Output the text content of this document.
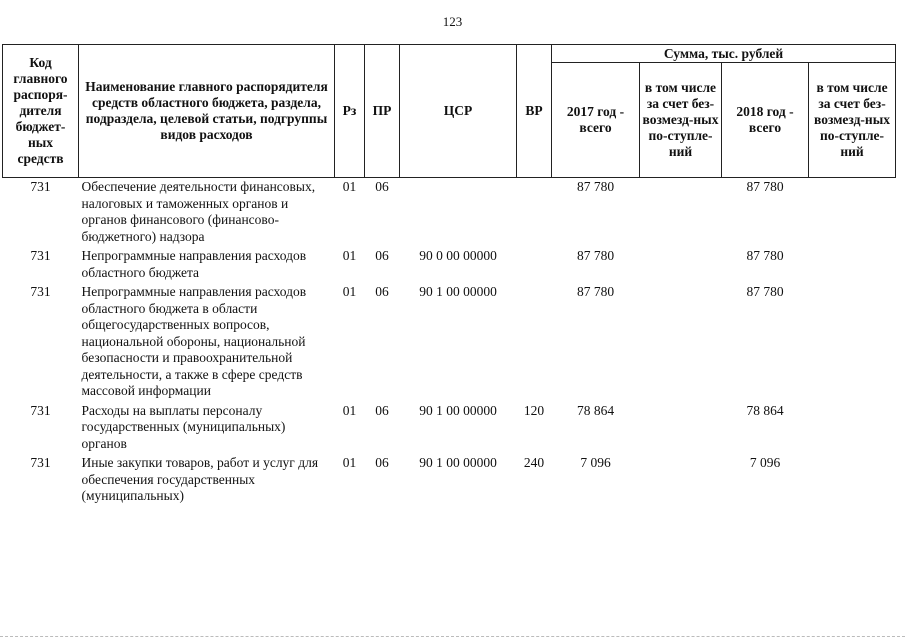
123
Код главного распоря-дителя бюджет-ных средств	Наименование главного распорядителя средств областного бюджета, раздела, подраздела, целевой статьи, подгруппы видов расходов	Рз	ПР	ЦСР	ВР	Сумма, тыс. рублей			
						2017 год - всего	в том числе за счет без-возмезд-ных по-ступле-ний	2018 год - всего	в том числе за счет без-возмезд-ных по-ступле-ний
731	Обеспечение деятельности финансовых, налоговых и таможенных органов и органов финансового (финансово-бюджетного) надзора	01	06			87 780		87 780	
731	Непрограммные направления расходов областного бюджета	01	06	90 0 00 00000		87 780		87 780	
731	Непрограммные направления расходов областного бюджета в области общегосударственных вопросов, национальной обороны, национальной безопасности и правоохранительной деятельности, а также в сфере средств массовой информации	01	06	90 1 00 00000		87 780		87 780	
731	Расходы на выплаты персоналу государственных (муниципальных) органов	01	06	90 1 00 00000	120	78 864		78 864	
731	Иные закупки товаров, работ и услуг для обеспечения государственных (муниципальных)	01	06	90 1 00 00000	240	7 096		7 096	
